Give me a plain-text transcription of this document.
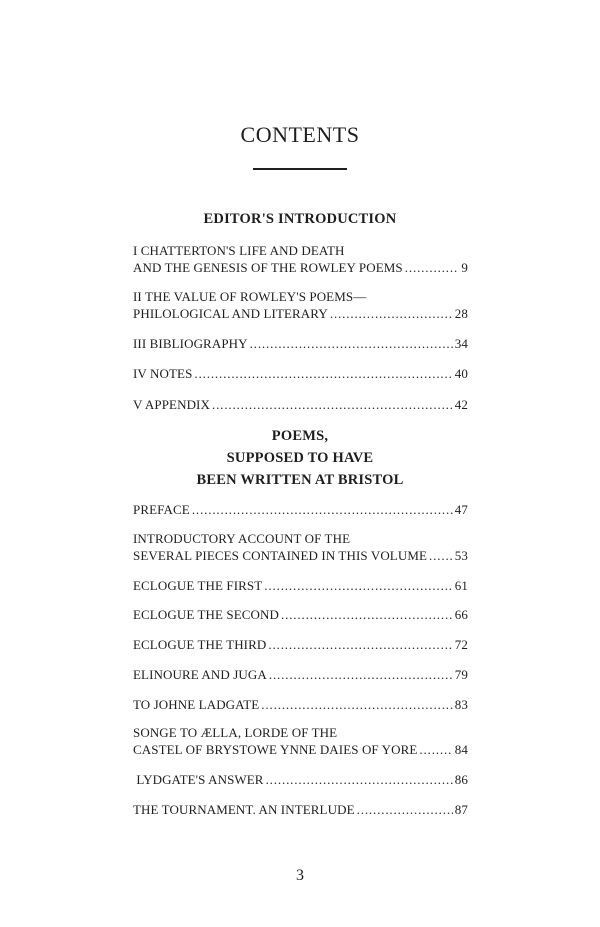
CONTENTS
EDITOR'S INTRODUCTION
I CHATTERTON'S LIFE AND DEATH
AND THE GENESIS OF THE ROWLEY POEMS . . .	9
II THE VALUE OF ROWLEY'S POEMS—
PHILOLOGICAL AND LITERARY . . .	28
III BIBLIOGRAPHY . . .	34
IV NOTES . . .	40
V APPENDIX . . .	42
POEMS,
SUPPOSED TO HAVE
BEEN WRITTEN AT BRISTOL
PREFACE . . .	47
INTRODUCTORY ACCOUNT OF THE
SEVERAL PIECES CONTAINED IN THIS VOLUME . . . 53
ECLOGUE THE FIRST . . .	61
ECLOGUE THE SECOND . . .	66
ECLOGUE THE THIRD . . .	72
ELINOURE AND JUGA . . .	79
TO JOHNE LADGATE . . .	83
SONGE TO ÆLLA, LORDE OF THE
CASTEL OF BRYSTOWE YNNE DAIES OF YORE . . .	84
LYDGATE'S ANSWER . . .	86
THE TOURNAMENT. AN INTERLUDE . . .	87
3
